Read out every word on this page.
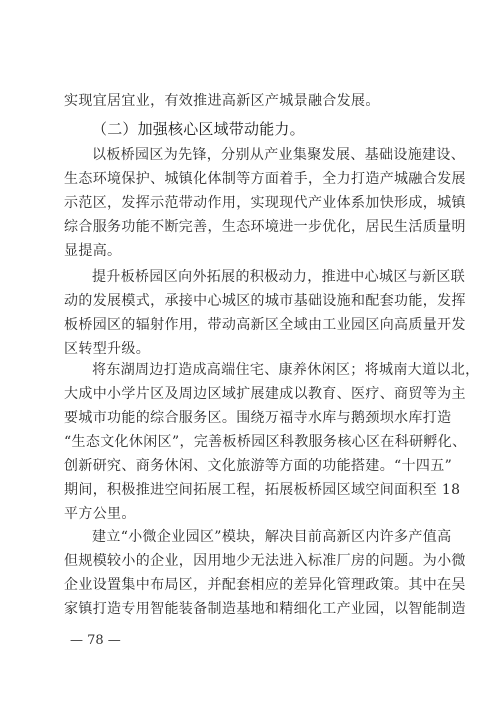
实现宜居宜业，有效推进高新区产城景融合发展。
（二）加强核心区域带动能力。
以板桥园区为先锋，分别从产业集聚发展、基础设施建设、
生态环境保护、城镇化体制等方面着手，全力打造产城融合发展
示范区，发挥示范带动作用，实现现代产业体系加快形成，城镇
综合服务功能不断完善，生态环境进一步优化，居民生活质量明
显提高。
提升板桥园区向外拓展的积极动力，推进中心城区与新区联
动的发展模式，承接中心城区的城市基础设施和配套功能，发挥
板桥园区的辐射作用，带动高新区全域由工业园区向高质量开发
区转型升级。
将东湖周边打造成高端住宅、康养休闲区；将城南大道以北，
大成中小学片区及周边区域扩展建成以教育、医疗、商贸等为主
要城市功能的综合服务区。围绕万福寺水库与鹅颈坝水库打造
“生态文化休闲区”，完善板桥园区科教服务核心区在科研孵化、
创新研究、商务休闲、文化旅游等方面的功能搭建。“十四五”
期间，积极推进空间拓展工程，拓展板桥园区域空间面积至 18
平方公里。
— 78 —
建立“小微企业园区”模块，解决目前高新区内许多产值高
但规模较小的企业，因用地少无法进入标准厂房的问题。为小微
企业设置集中布局区，并配套相应的差异化管理政策。其中在吴
家镇打造专用智能装备制造基地和精细化工产业园，以智能制造
